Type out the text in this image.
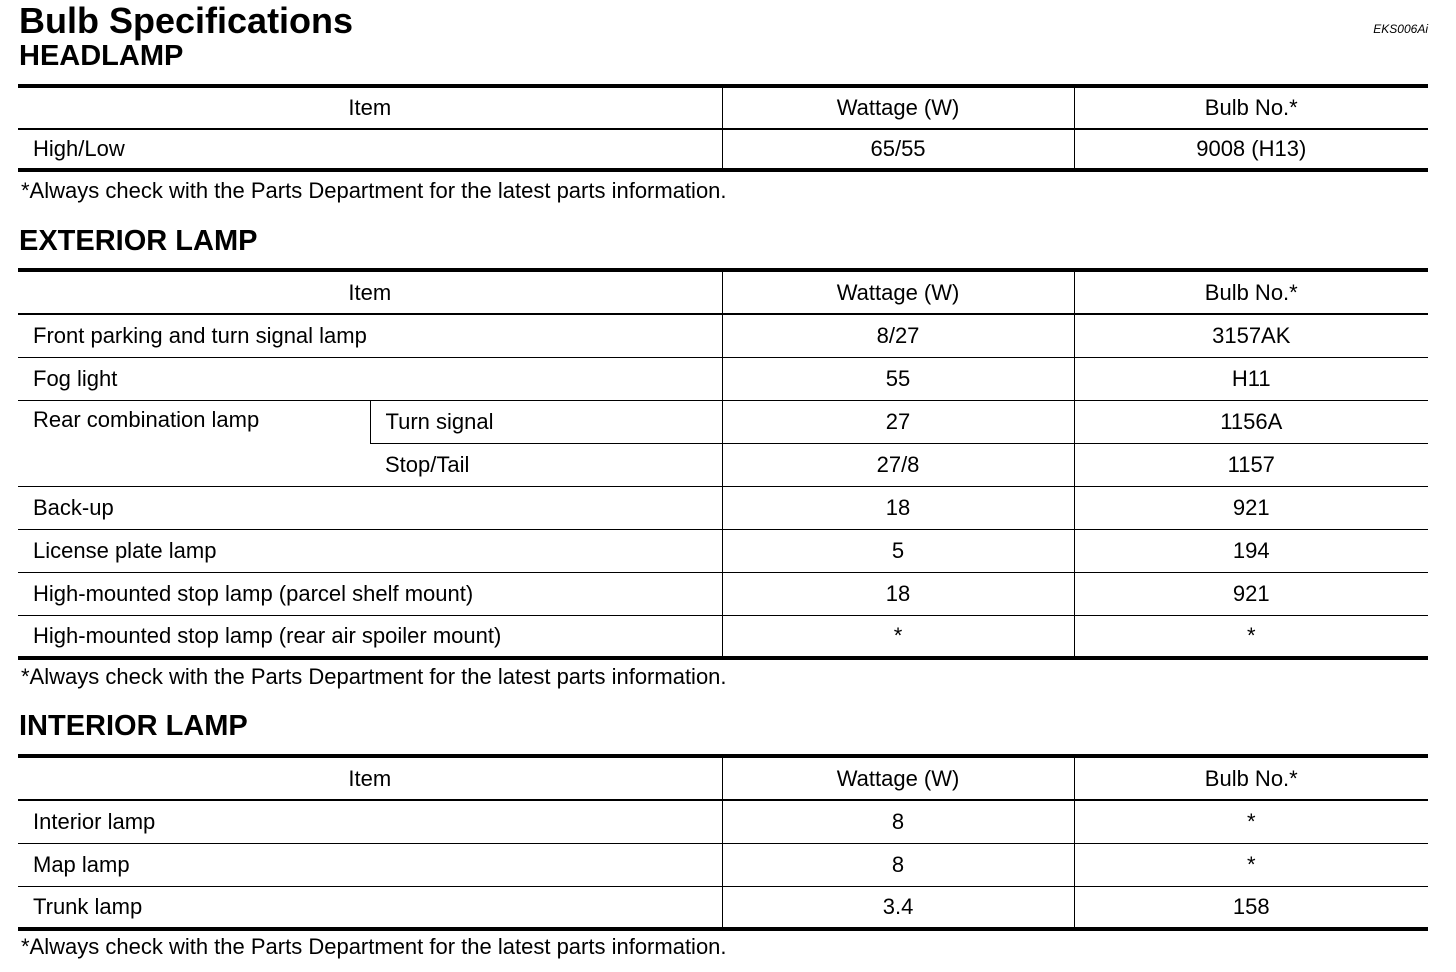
Bulb Specifications	EKS006Ai
HEADLAMP
Item	Wattage (W)	Bulb No.*
High/Low	65/55	9008 (H13)

*Always check with the Parts Department for the latest parts information.

EXTERIOR LAMP
Item		Wattage (W)	Bulb No.*
Front parking and turn signal lamp		8/27	3157AK
Fog light		55	H11
Rear combination lamp	Turn signal	27	1156A
	Stop/Tail	27/8	1157
Back-up		18	921
License plate lamp		5	194
High-mounted stop lamp (parcel shelf mount)		18	921
High-mounted stop lamp (rear air spoiler mount)		*	*

*Always check with the Parts Department for the latest parts information.

INTERIOR LAMP
Item	Wattage (W)	Bulb No.*
Interior lamp	8	*
Map lamp	8	*
Trunk lamp	3.4	158

*Always check with the Parts Department for the latest parts information.
